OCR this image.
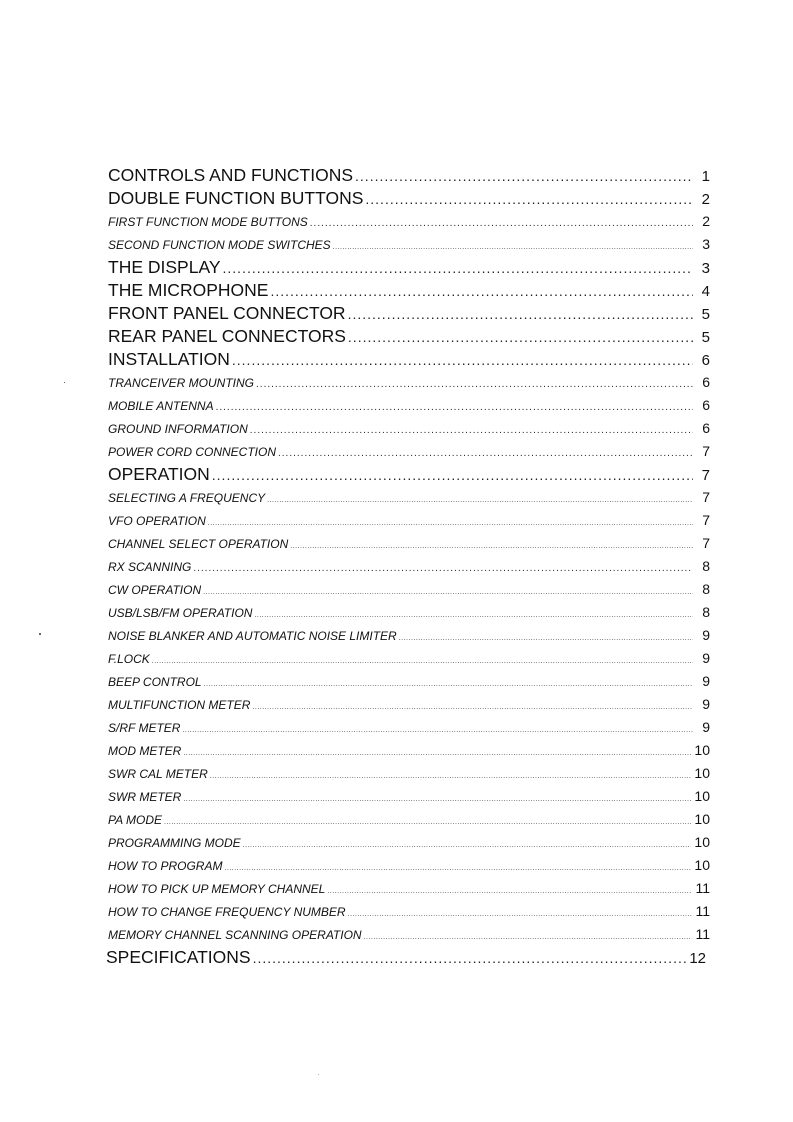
CONTROLS AND FUNCTIONS .....	1
DOUBLE FUNCTION BUTTONS .....	2
FIRST FUNCTION MODE BUTTONS .....	2
SECOND FUNCTION MODE SWITCHES .....	3
THE DISPLAY .....	3
THE MICROPHONE .....	4
FRONT PANEL CONNECTOR .....	5
REAR PANEL CONNECTORS .....	5
INSTALLATION .....	6
TRANCEIVER MOUNTING .....	6
MOBILE ANTENNA .....	6
GROUND INFORMATION .....	6
POWER CORD CONNECTION .....	7
OPERATION .....	7
SELECTING A FREQUENCY .....	7
VFO OPERATION .....	7
CHANNEL SELECT OPERATION .....	7
RX SCANNING .....	8
CW OPERATION .....	8
USB/LSB/FM OPERATION .....	8
NOISE BLANKER AND AUTOMATIC NOISE LIMITER .....	9
F.LOCK .....	9
BEEP CONTROL .....	9
MULTIFUNCTION METER .....	9
S/RF METER .....	9
MOD METER .....	10
SWR CAL METER .....	10
SWR METER .....	10
PA MODE .....	10
PROGRAMMING MODE .....	10
HOW TO PROGRAM .....	10
HOW TO PICK UP MEMORY CHANNEL .....	11
HOW TO CHANGE FREQUENCY NUMBER .....	11
MEMORY CHANNEL SCANNING OPERATION .....	11
SPECIFICATIONS .....	12
